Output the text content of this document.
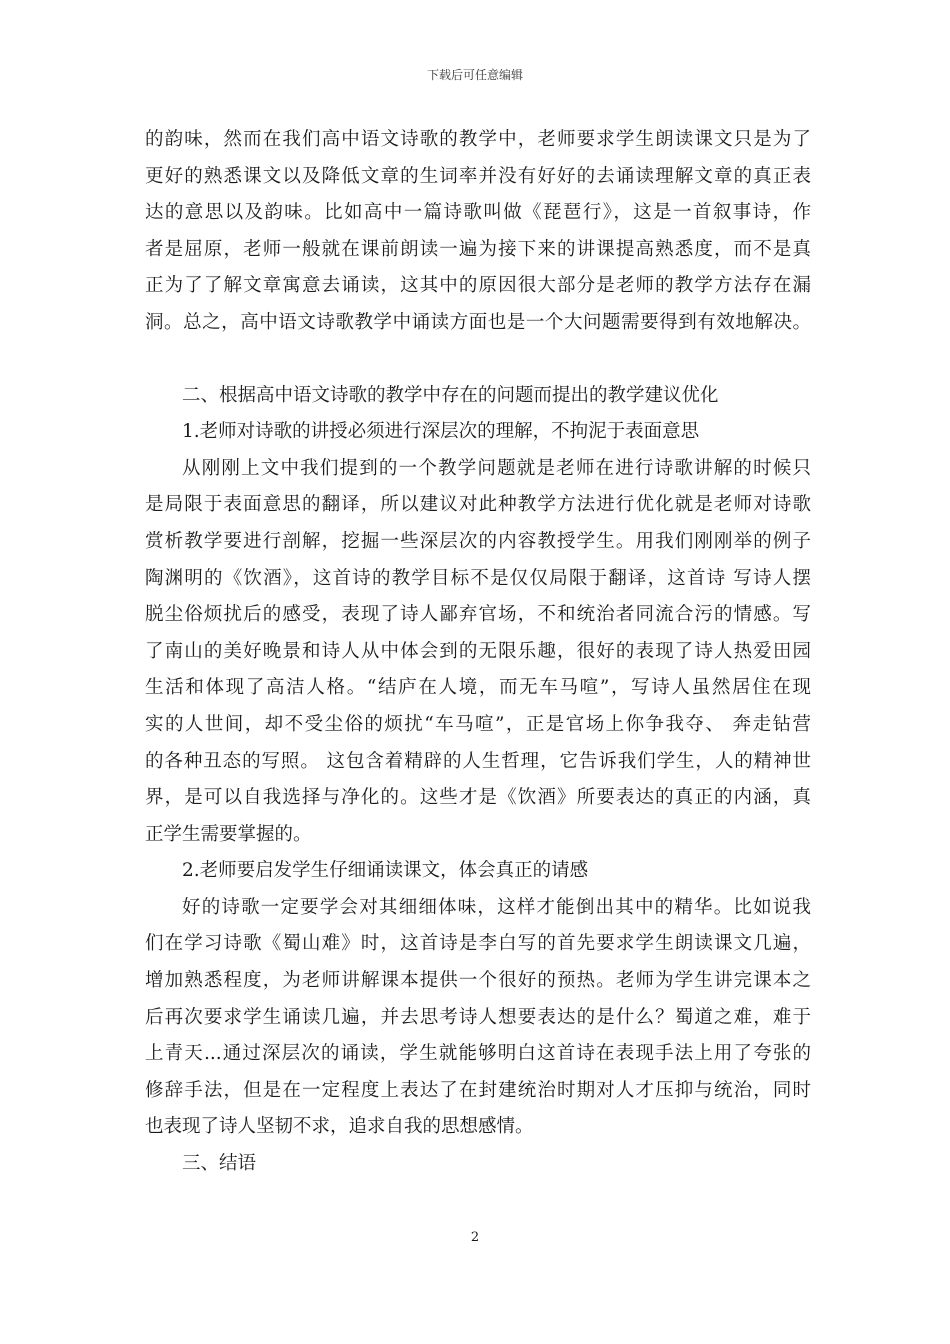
下载后可任意编辑
的韵味，然而在我们高中语文诗歌的教学中，老师要求学生朗读课文只是为了
更好的熟悉课文以及降低文章的生词率并没有好好的去诵读理解文章的真正表
达的意思以及韵味。比如高中一篇诗歌叫做《琵琶行》，这是一首叙事诗，作
者是屈原，老师一般就在课前朗读一遍为接下来的讲课提高熟悉度，而不是真
正为了了解文章寓意去诵读，这其中的原因很大部分是老师的教学方法存在漏
洞。总之，高中语文诗歌教学中诵读方面也是一个大问题需要得到有效地解决。
二、根据高中语文诗歌的教学中存在的问题而提出的教学建议优化
1.老师对诗歌的讲授必须进行深层次的理解，不拘泥于表面意思
从刚刚上文中我们提到的一个教学问题就是老师在进行诗歌讲解的时候只
是局限于表面意思的翻译，所以建议对此种教学方法进行优化就是老师对诗歌
赏析教学要进行剖解，挖掘一些深层次的内容教授学生。用我们刚刚举的例子
陶渊明的《饮酒》，这首诗的教学目标不是仅仅局限于翻译，这首诗 写诗人摆
脱尘俗烦扰后的感受，表现了诗人鄙弃官场，不和统治者同流合污的情感。写
了南山的美好晚景和诗人从中体会到的无限乐趣，很好的表现了诗人热爱田园
生活和体现了高洁人格。“结庐在人境，而无车马喧”，写诗人虽然居住在现
实的人世间，却不受尘俗的烦扰“车马喧”，正是官场上你争我夺、 奔走钻营
的各种丑态的写照。 这包含着精辟的人生哲理，它告诉我们学生，人的精神世
界，是可以自我选择与净化的。这些才是《饮酒》所要表达的真正的内涵，真
正学生需要掌握的。
2.老师要启发学生仔细诵读课文，体会真正的请感
好的诗歌一定要学会对其细细体味，这样才能倒出其中的精华。比如说我
们在学习诗歌《蜀山难》时，这首诗是李白写的首先要求学生朗读课文几遍，
增加熟悉程度，为老师讲解课本提供一个很好的预热。老师为学生讲完课本之
后再次要求学生诵读几遍，并去思考诗人想要表达的是什么？蜀道之难，难于
上青天...通过深层次的诵读，学生就能够明白这首诗在表现手法上用了夸张的
修辞手法，但是在一定程度上表达了在封建统治时期对人才压抑与统治，同时
也表现了诗人坚韧不求，追求自我的思想感情。
三、结语
2
